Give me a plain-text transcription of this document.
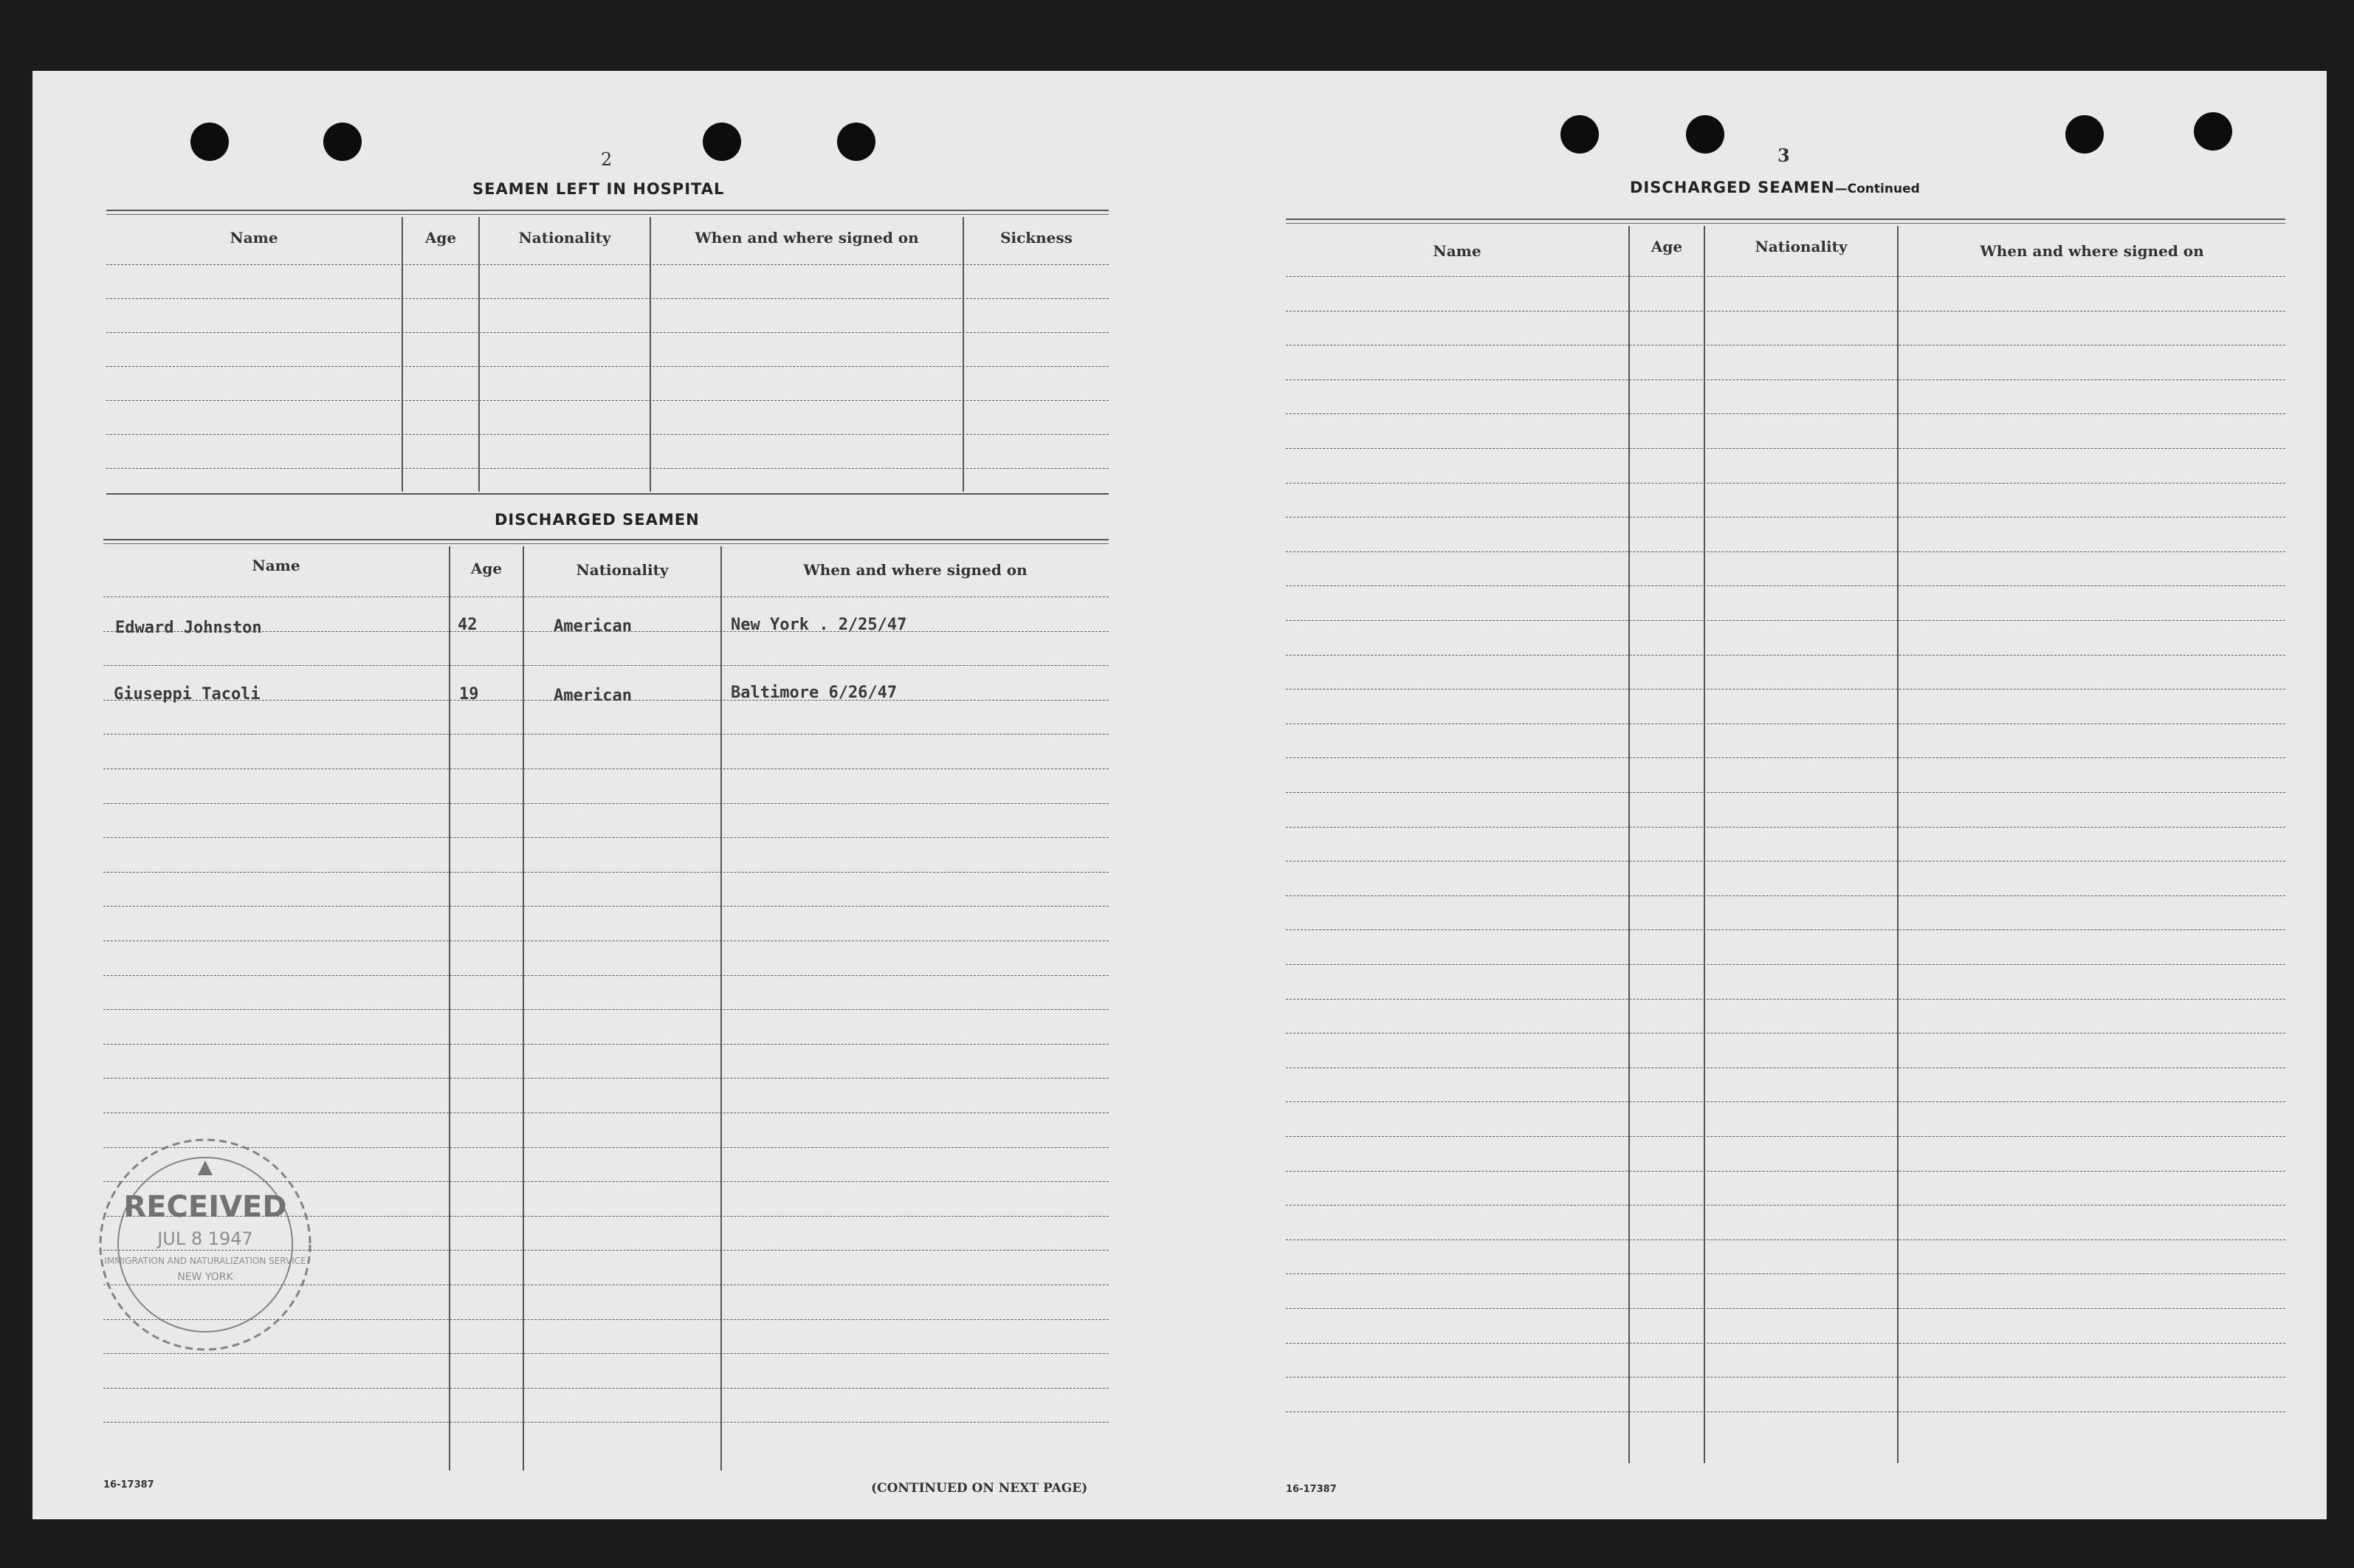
2
SEAMEN LEFT IN HOSPITAL
Name	Age	Nationality	When and where signed on	Sickness
DISCHARGED SEAMEN
Name	Age	Nationality	When and where signed on
Edward Johnston	42	American	New York . 2/25/47
Giuseppi Tacoli	19	American	Baltimore 6/26/47
RECEIVED
JUL 8 1947
IMMIGRATION AND NATURALIZATION SERVICE
NEW YORK
16-17387	(CONTINUED ON NEXT PAGE)
3
DISCHARGED SEAMEN—Continued
Name	Age	Nationality	When and where signed on
16-17387
